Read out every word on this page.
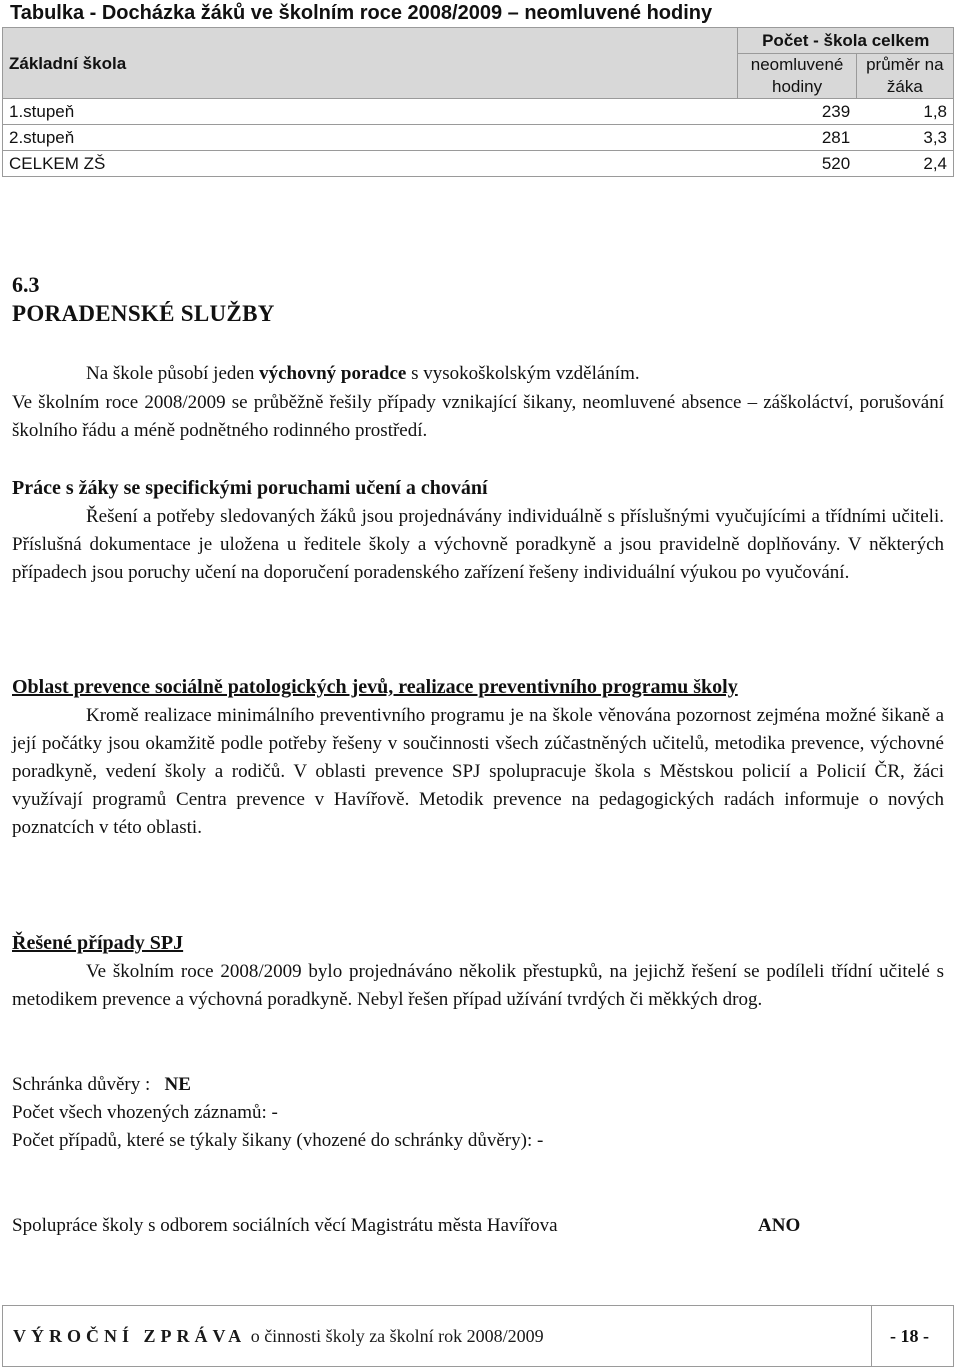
Tabulka - Docházka žáků ve školním roce 2008/2009 – neomluvené hodiny
Základní škola	Počet - škola celkem	
	neomluvené hodiny	průměr na žáka
1.stupeň	239	1,8
2.stupeň	281	3,3
CELKEM ZŠ	520	2,4
6.3
PORADENSKÉ SLUŽBY
Na škole působí jeden výchovný poradce s vysokoškolským vzděláním.
Ve školním roce 2008/2009 se průběžně řešily případy vznikající šikany, neomluvené absence – záškoláctví, porušování školního řádu a méně podnětného rodinného prostředí.
Práce s žáky se specifickými poruchami učení a chování
Řešení a potřeby sledovaných žáků jsou projednávány individuálně s příslušnými vyučujícími a třídními učiteli. Příslušná dokumentace je uložena u ředitele školy a výchovně poradkyně a jsou pravidelně doplňovány. V některých případech jsou poruchy učení na doporučení poradenského zařízení řešeny individuální výukou po vyučování.
Oblast prevence sociálně patologických jevů, realizace preventivního programu školy
Kromě realizace minimálního preventivního programu je na škole věnována pozornost zejména možné šikaně a její počátky jsou okamžitě podle potřeby řešeny v součinnosti všech zúčastněných učitelů, metodika prevence, výchovné poradkyně, vedení školy a rodičů. V oblasti prevence SPJ spolupracuje škola s Městskou policií a Policií ČR, žáci využívají programů Centra prevence v Havířově. Metodik prevence na pedagogických radách informuje o nových poznatcích v této oblasti.
Řešené případy SPJ
Ve školním roce 2008/2009 bylo projednáváno několik přestupků, na jejichž řešení se podíleli třídní učitelé s metodikem prevence a výchovná poradkyně. Nebyl řešen případ užívání tvrdých či měkkých drog.
Schránka důvěry : NE
Počet všech vhozených záznamů: -
Počet případů, které se týkaly šikany (vhozené do schránky důvěry): -
Spolupráce školy s odborem sociálních věcí Magistrátu města Havířova	ANO
VÝROČNÍ ZPRÁVA o činnosti školy za školní rok 2008/2009	- 18 -
